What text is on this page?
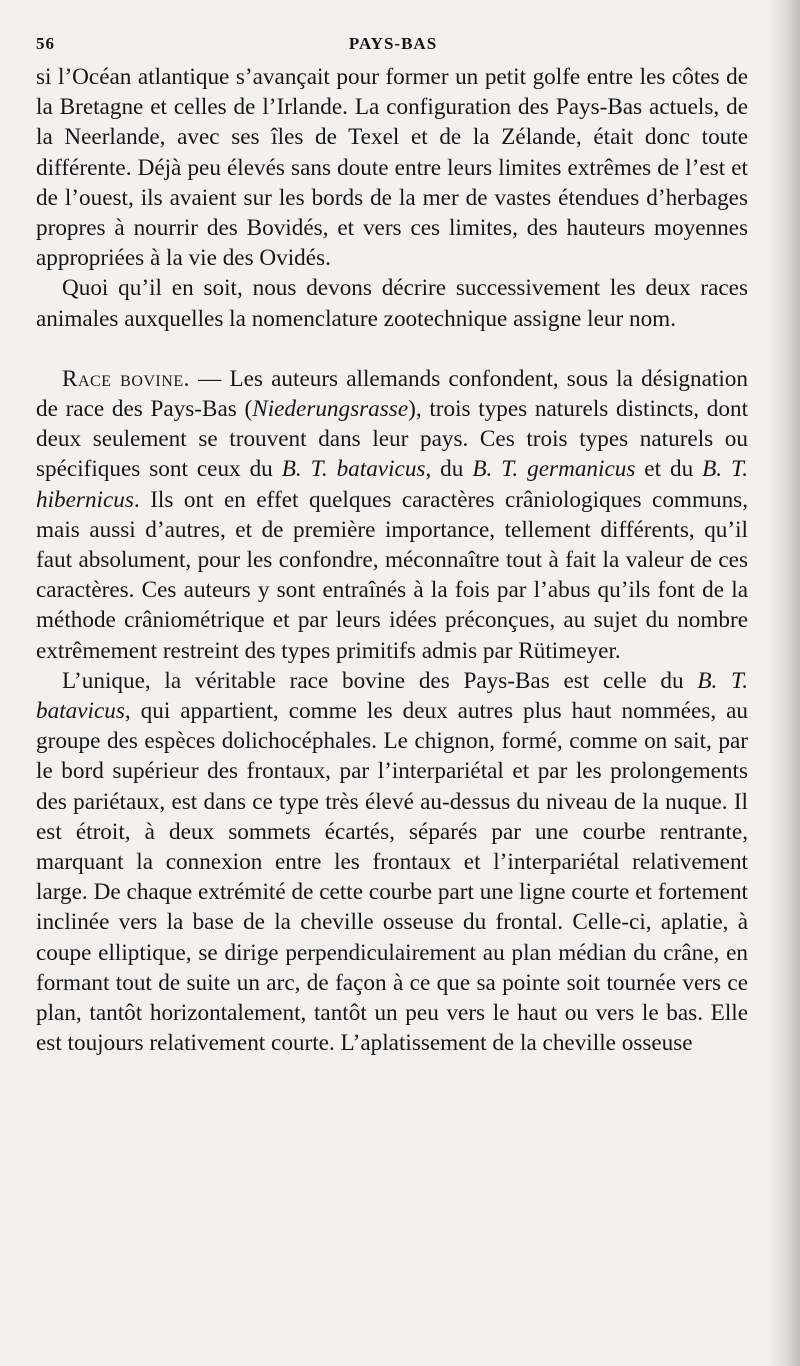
56	PAYS-BAS

si l’Océan atlantique s’avançait pour former un petit golfe entre les côtes de la Bretagne et celles de l’Irlande. La configuration des Pays-Bas actuels, de la Neerlande, avec ses îles de Texel et de la Zélande, était donc toute différente. Déjà peu élevés sans doute entre leurs limites extrêmes de l’est et de l’ouest, ils avaient sur les bords de la mer de vastes étendues d’herbages propres à nourrir des Bovidés, et vers ces limites, des hauteurs moyennes appropriées à la vie des Ovidés.

Quoi qu’il en soit, nous devons décrire successivement les deux races animales auxquelles la nomenclature zootechnique assigne leur nom.

Race bovine. — Les auteurs allemands confondent, sous la désignation de race des Pays-Bas (Niederungsrasse), trois types naturels distincts, dont deux seulement se trouvent dans leur pays. Ces trois types naturels ou spécifiques sont ceux du B. T. batavicus, du B. T. germanicus et du B. T. hibernicus. Ils ont en effet quelques caractères crâniologiques communs, mais aussi d’autres, et de première importance, tellement différents, qu’il faut absolument, pour les confondre, méconnaître tout à fait la valeur de ces caractères. Ces auteurs y sont entraînés à la fois par l’abus qu’ils font de la méthode crâniométrique et par leurs idées préconçues, au sujet du nombre extrêmement restreint des types primitifs admis par Rütimeyer.

L’unique, la véritable race bovine des Pays-Bas est celle du B. T. batavicus, qui appartient, comme les deux autres plus haut nommées, au groupe des espèces dolichocéphales. Le chignon, formé, comme on sait, par le bord supérieur des frontaux, par l’interpariétal et par les prolongements des pariétaux, est dans ce type très élevé au-dessus du niveau de la nuque. Il est étroit, à deux sommets écartés, séparés par une courbe rentrante, marquant la connexion entre les frontaux et l’interpariétal relativement large. De chaque extrémité de cette courbe part une ligne courte et fortement inclinée vers la base de la cheville osseuse du frontal. Celle-ci, aplatie, à coupe elliptique, se dirige perpendiculairement au plan médian du crâne, en formant tout de suite un arc, de façon à ce que sa pointe soit tournée vers ce plan, tantôt horizontalement, tantôt un peu vers le haut ou vers le bas. Elle est toujours relativement courte. L’aplatissement de la cheville osseuse
